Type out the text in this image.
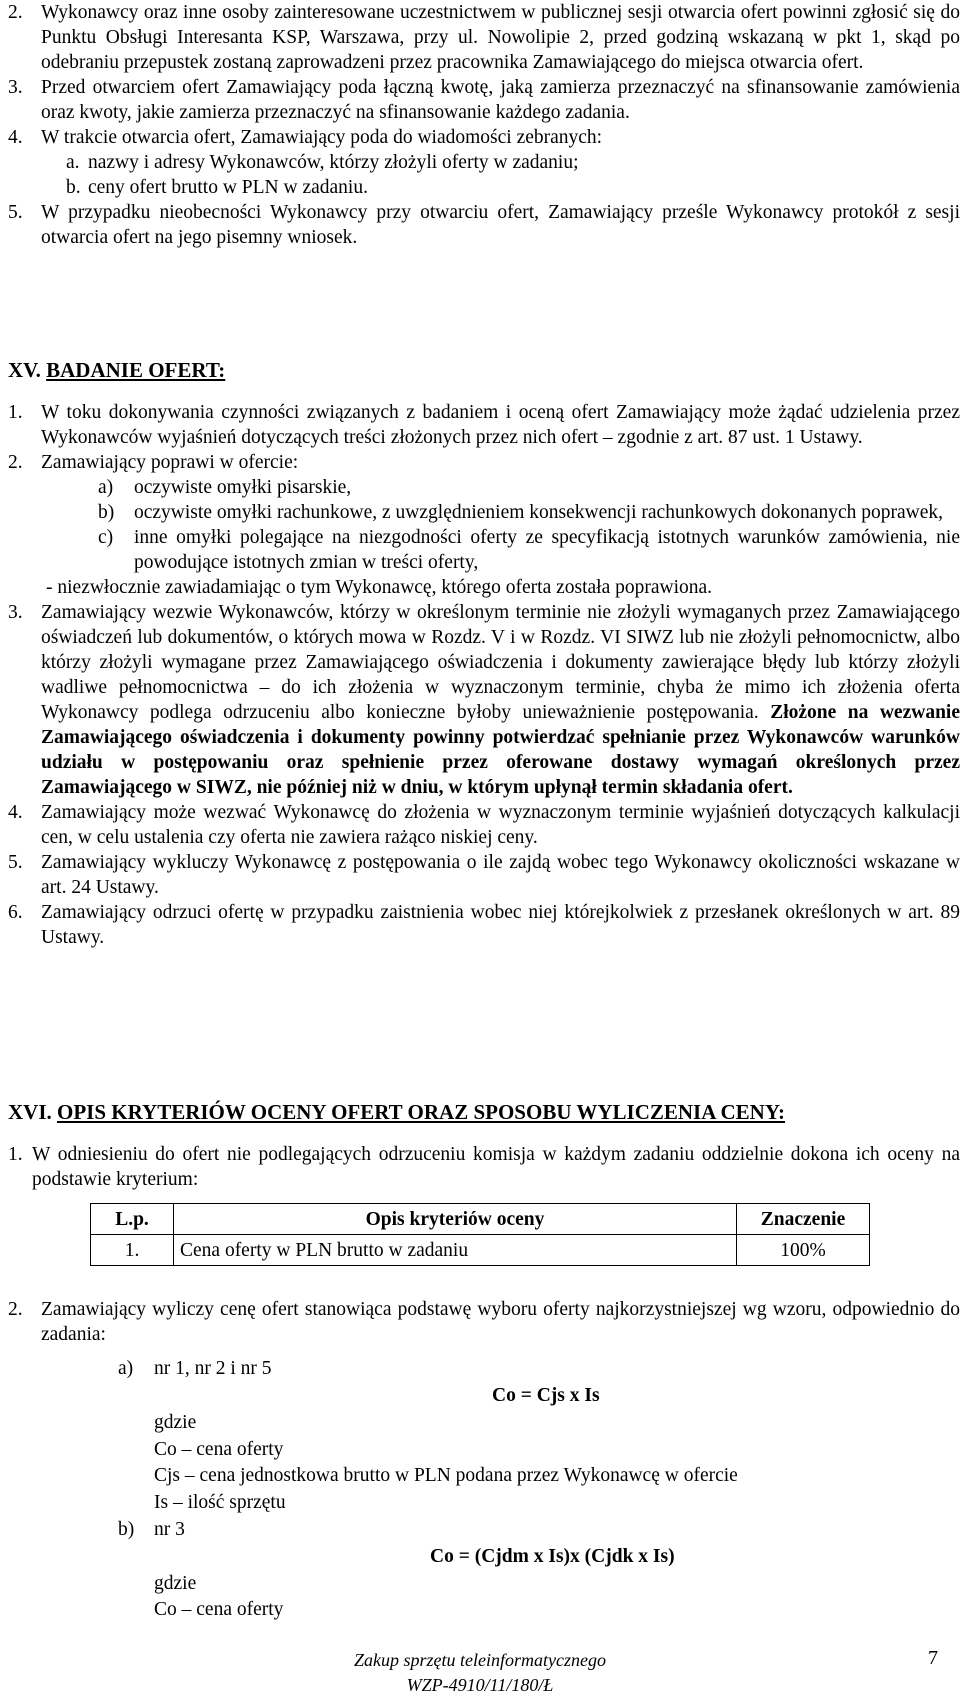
2. Wykonawcy oraz inne osoby zainteresowane uczestnictwem w publicznej sesji otwarcia ofert powinni zgłosić się do Punktu Obsługi Interesanta KSP, Warszawa, przy ul. Nowolipie 2, przed godziną wskazaną w pkt 1, skąd po odebraniu przepustek zostaną zaprowadzeni przez pracownika Zamawiającego do miejsca otwarcia ofert.
3. Przed otwarciem ofert Zamawiający poda łączną kwotę, jaką zamierza przeznaczyć na sfinansowanie zamówienia oraz kwoty, jakie zamierza przeznaczyć na sfinansowanie każdego zadania.
4. W trakcie otwarcia ofert, Zamawiający poda do wiadomości zebranych:
a. nazwy i adresy Wykonawców, którzy złożyli oferty w zadaniu;
b. ceny ofert brutto w PLN w zadaniu.
5. W przypadku nieobecności Wykonawcy przy otwarciu ofert, Zamawiający prześle Wykonawcy protokół z sesji otwarcia ofert na jego pisemny wniosek.
XV. BADANIE OFERT:
1. W toku dokonywania czynności związanych z badaniem i oceną ofert Zamawiający może żądać udzielenia przez Wykonawców wyjaśnień dotyczących treści złożonych przez nich ofert – zgodnie z art. 87 ust. 1 Ustawy.
2. Zamawiający poprawi w ofercie:
a) oczywiste omyłki pisarskie,
b) oczywiste omyłki rachunkowe, z uwzględnieniem konsekwencji rachunkowych dokonanych poprawek,
c) inne omyłki polegające na niezgodności oferty ze specyfikacją istotnych warunków zamówienia, nie powodujące istotnych zmian w treści oferty,
- niezwłocznie zawiadamiając o tym Wykonawcę, którego oferta została poprawiona.
3. Zamawiający wezwie Wykonawców, którzy w określonym terminie nie złożyli wymaganych przez Zamawiającego oświadczeń lub dokumentów, o których mowa w Rozdz. V i w Rozdz. VI SIWZ lub nie złożyli pełnomocnictw, albo którzy złożyli wymagane przez Zamawiającego oświadczenia i dokumenty zawierające błędy lub którzy złożyli wadliwe pełnomocnictwa – do ich złożenia w wyznaczonym terminie, chyba że mimo ich złożenia oferta Wykonawcy podlega odrzuceniu albo konieczne byłoby unieważnienie postępowania. Złożone na wezwanie Zamawiającego oświadczenia i dokumenty powinny potwierdzać spełnianie przez Wykonawców warunków udziału w postępowaniu oraz spełnienie przez oferowane dostawy wymagań określonych przez Zamawiającego w SIWZ, nie później niż w dniu, w którym upłynął termin składania ofert.
4. Zamawiający może wezwać Wykonawcę do złożenia w wyznaczonym terminie wyjaśnień dotyczących kalkulacji cen, w celu ustalenia czy oferta nie zawiera rażąco niskiej ceny.
5. Zamawiający wykluczy Wykonawcę z postępowania o ile zajdą wobec tego Wykonawcy okoliczności wskazane w art. 24 Ustawy.
6. Zamawiający odrzuci ofertę w przypadku zaistnienia wobec niej którejkolwiek z przesłanek określonych w art. 89 Ustawy.
XVI. OPIS KRYTERIÓW OCENY OFERT ORAZ SPOSOBU WYLICZENIA CENY:
1. W odniesieniu do ofert nie podlegających odrzuceniu komisja w każdym zadaniu oddzielnie dokona ich oceny na podstawie kryterium:
L.p.	Opis kryteriów oceny	Znaczenie
1.	Cena oferty w PLN brutto w zadaniu	100%
2. Zamawiający wyliczy cenę ofert stanowiąca podstawę wyboru oferty najkorzystniejszej wg wzoru, odpowiednio do zadania:
a) nr 1, nr 2 i nr 5
Co = Cjs x Is
gdzie
Co – cena oferty
Cjs – cena jednostkowa brutto w PLN podana przez Wykonawcę w ofercie
Is – ilość sprzętu
b) nr 3
Co = (Cjdm x Is)x (Cjdk x Is)
gdzie
Co – cena oferty
Zakup sprzętu teleinformatycznego
WZP-4910/11/180/Ł
7
